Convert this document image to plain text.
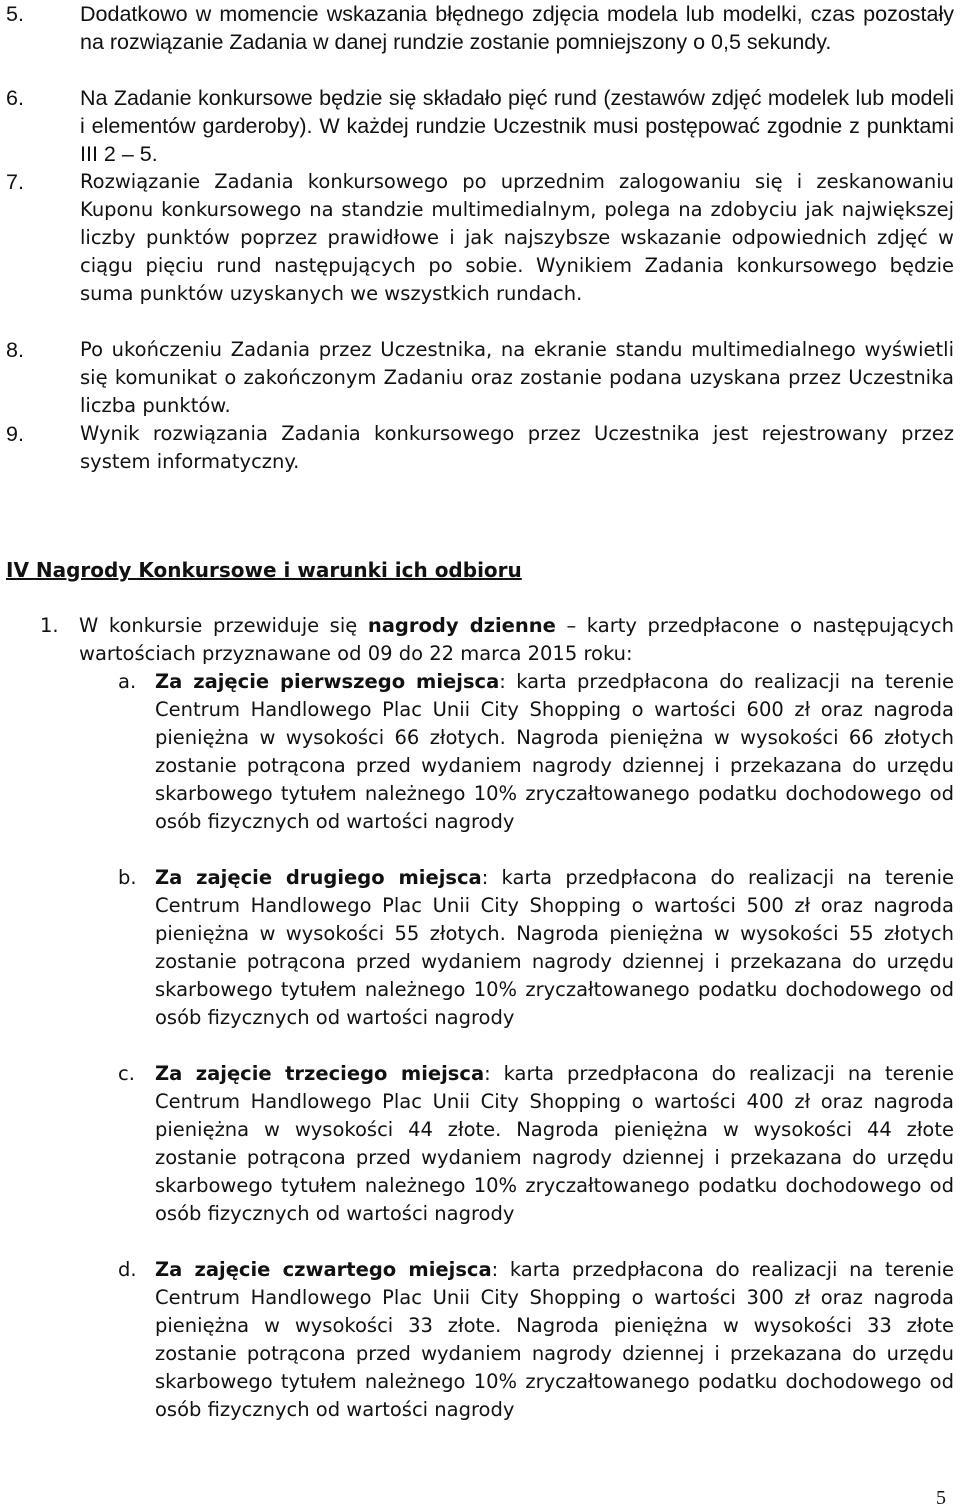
5.	Dodatkowo w momencie wskazania błędnego zdjęcia modela lub modelki, czas pozostały na rozwiązanie Zadania w danej rundzie zostanie pomniejszony o 0,5 sekundy.
6.	Na Zadanie konkursowe będzie się składało pięć rund (zestawów zdjęć modelek lub modeli i elementów garderoby). W każdej rundzie Uczestnik musi postępować zgodnie z punktami III 2 – 5.
7.	Rozwiązanie Zadania konkursowego po uprzednim zalogowaniu się i zeskanowaniu Kuponu konkursowego na standzie multimedialnym, polega na zdobyciu jak największej liczby punktów poprzez prawidłowe i jak najszybsze wskazanie odpowiednich zdjęć w ciągu pięciu rund następujących po sobie. Wynikiem Zadania konkursowego będzie suma punktów uzyskanych we wszystkich rundach.
8.	Po ukończeniu Zadania przez Uczestnika, na ekranie standu multimedialnego wyświetli się komunikat o zakończonym Zadaniu oraz zostanie podana uzyskana przez Uczestnika liczba punktów.
9.	Wynik rozwiązania Zadania konkursowego przez Uczestnika jest rejestrowany przez system informatyczny.
IV Nagrody Konkursowe i warunki ich odbioru
1.	W konkursie przewiduje się nagrody dzienne – karty przedpłacone o następujących wartościach przyznawane od 09 do 22 marca 2015 roku:
a. Za zajęcie pierwszego miejsca: karta przedpłacona do realizacji na terenie Centrum Handlowego Plac Unii City Shopping o wartości 600 zł oraz nagroda pieniężna w wysokości 66 złotych. Nagroda pieniężna w wysokości 66 złotych zostanie potrącona przed wydaniem nagrody dziennej i przekazana do urzędu skarbowego tytułem należnego 10% zryczałtowanego podatku dochodowego od osób fizycznych od wartości nagrody
b. Za zajęcie drugiego miejsca: karta przedpłacona do realizacji na terenie Centrum Handlowego Plac Unii City Shopping o wartości 500 zł oraz nagroda pieniężna w wysokości 55 złotych. Nagroda pieniężna w wysokości 55 złotych zostanie potrącona przed wydaniem nagrody dziennej i przekazana do urzędu skarbowego tytułem należnego 10% zryczałtowanego podatku dochodowego od osób fizycznych od wartości nagrody
c.	Za zajęcie trzeciego miejsca: karta przedpłacona do realizacji na terenie Centrum Handlowego Plac Unii City Shopping o wartości 400 zł oraz nagroda pieniężna w wysokości 44 złote. Nagroda pieniężna w wysokości 44 złote zostanie potrącona przed wydaniem nagrody dziennej i przekazana do urzędu skarbowego tytułem należnego 10% zryczałtowanego podatku dochodowego od osób fizycznych od wartości nagrody
d. Za zajęcie czwartego miejsca: karta przedpłacona do realizacji na terenie Centrum Handlowego Plac Unii City Shopping o wartości 300 zł oraz nagroda pieniężna w wysokości 33 złote. Nagroda pieniężna w wysokości 33 złote zostanie potrącona przed wydaniem nagrody dziennej i przekazana do urzędu skarbowego tytułem należnego 10% zryczałtowanego podatku dochodowego od osób fizycznych od wartości nagrody
5
